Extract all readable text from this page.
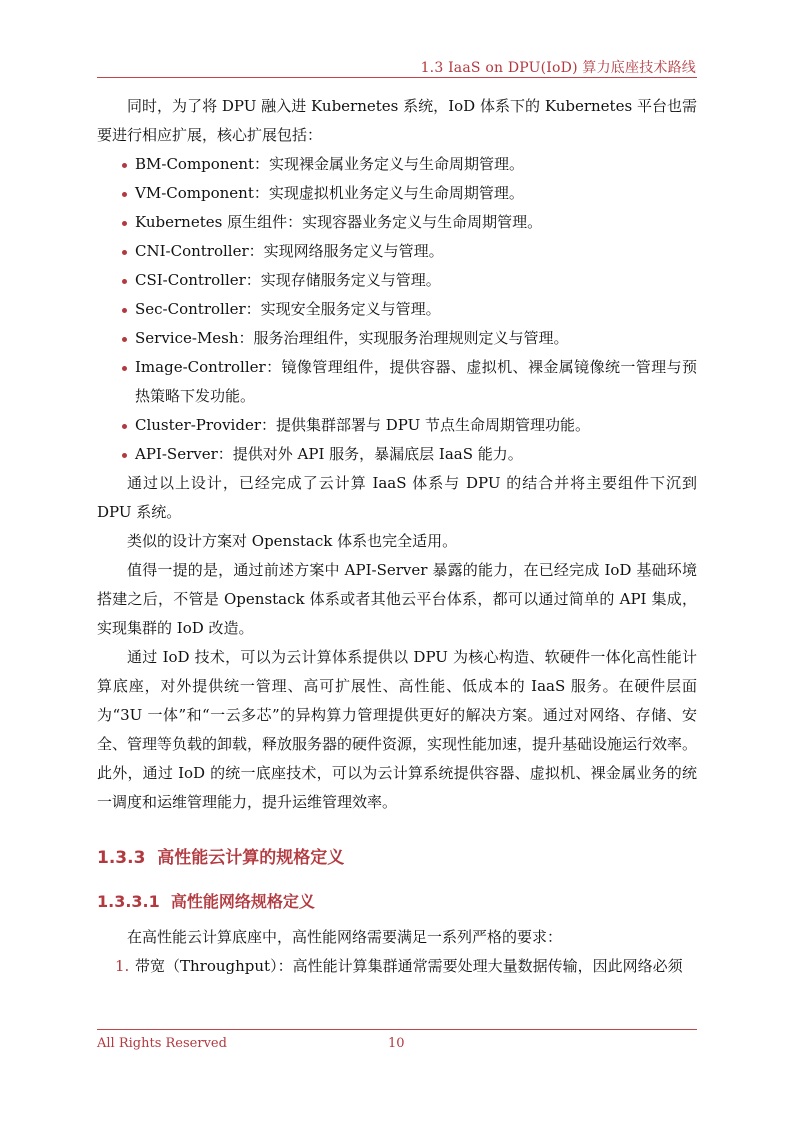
1.3 IaaS on DPU(IoD) 算力底座技术路线

同时，为了将 DPU 融入进 Kubernetes 系统，IoD 体系下的 Kubernetes 平台也需要进行相应扩展，核心扩展包括：

BM-Component：实现裸金属业务定义与生命周期管理。
VM-Component：实现虚拟机业务定义与生命周期管理。
Kubernetes 原生组件：实现容器业务定义与生命周期管理。
CNI-Controller：实现网络服务定义与管理。
CSI-Controller：实现存储服务定义与管理。
Sec-Controller：实现安全服务定义与管理。
Service-Mesh：服务治理组件，实现服务治理规则定义与管理。
Image-Controller：镜像管理组件，提供容器、虚拟机、裸金属镜像统一管理与预热策略下发功能。
Cluster-Provider：提供集群部署与 DPU 节点生命周期管理功能。
API-Server：提供对外 API 服务，暴漏底层 IaaS 能力。

通过以上设计，已经完成了云计算 IaaS 体系与 DPU 的结合并将主要组件下沉到 DPU 系统。

类似的设计方案对 Openstack 体系也完全适用。

值得一提的是，通过前述方案中 API-Server 暴露的能力，在已经完成 IoD 基础环境搭建之后，不管是 Openstack 体系或者其他云平台体系，都可以通过简单的 API 集成，实现集群的 IoD 改造。

通过 IoD 技术，可以为云计算体系提供以 DPU 为核心构造、软硬件一体化高性能计算底座，对外提供统一管理、高可扩展性、高性能、低成本的 IaaS 服务。在硬件层面为“3U 一体”和“一云多芯”的异构算力管理提供更好的解决方案。通过对网络、存储、安全、管理等负载的卸载，释放服务器的硬件资源，实现性能加速，提升基础设施运行效率。此外，通过 IoD 的统一底座技术，可以为云计算系统提供容器、虚拟机、裸金属业务的统一调度和运维管理能力，提升运维管理效率。

1.3.3 高性能云计算的规格定义
1.3.3.1 高性能网络规格定义

在高性能云计算底座中，高性能网络需要满足一系列严格的要求：

1. 带宽（Throughput）：高性能计算集群通常需要处理大量数据传输，因此网络必须
All Rights Reserved	10
